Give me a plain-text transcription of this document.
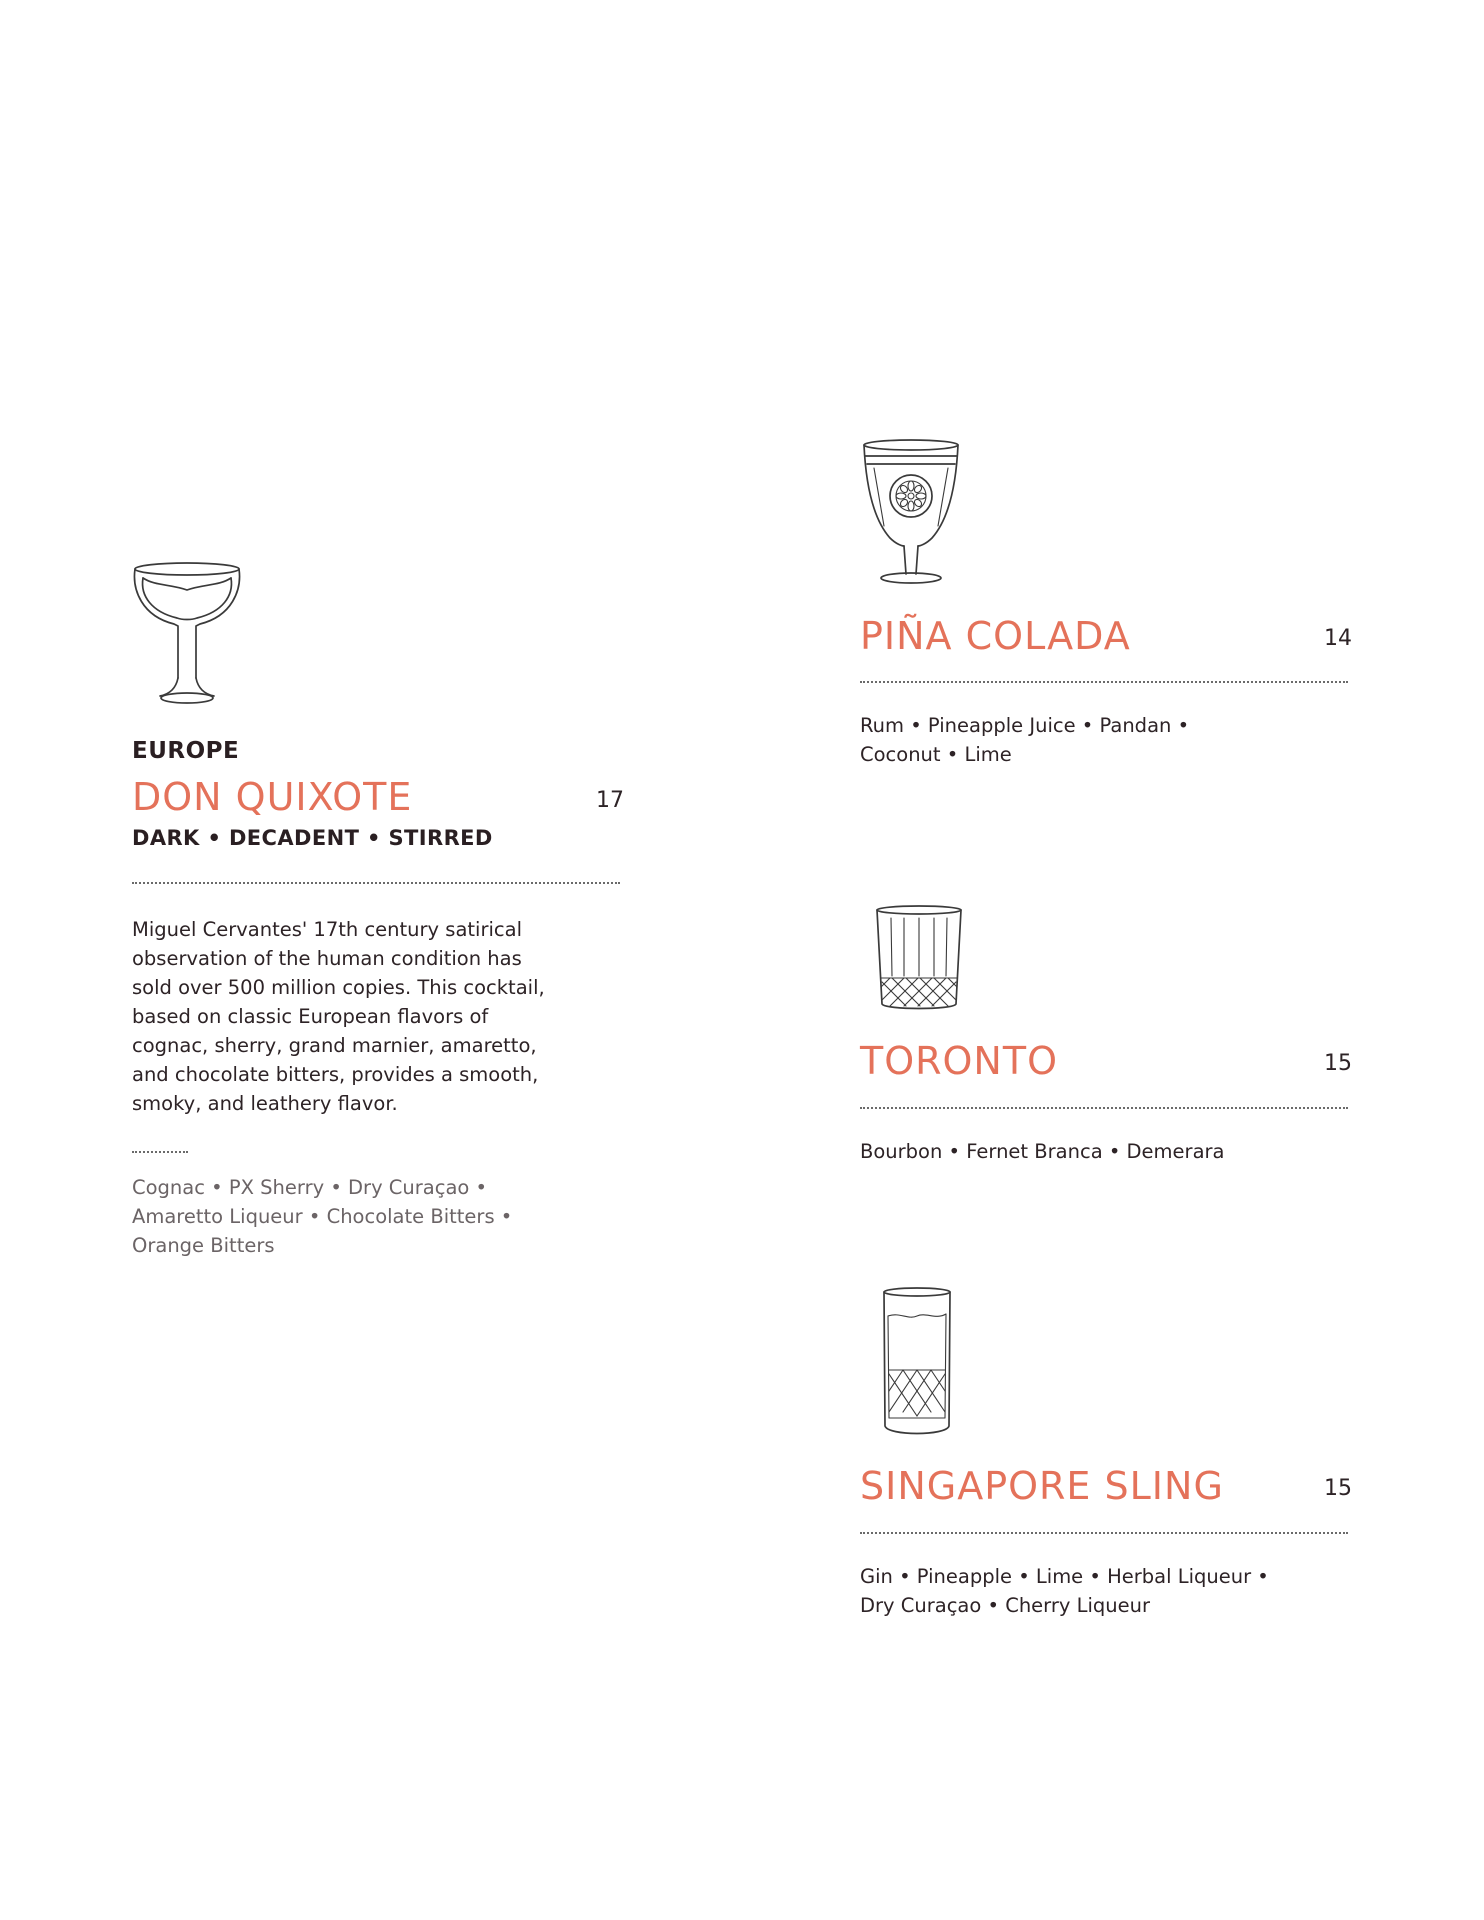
EUROPE
DON QUIXOTE	17
DARK • DECADENT • STIRRED
Miguel Cervantes' 17th century satirical
observation of the human condition has
sold over 500 million copies. This cocktail,
based on classic European flavors of
cognac, sherry, grand marnier, amaretto,
and chocolate bitters, provides a smooth,
smoky, and leathery flavor.
Cognac • PX Sherry • Dry Curaçao •
Amaretto Liqueur • Chocolate Bitters •
Orange Bitters
PIÑA COLADA	14
Rum • Pineapple Juice • Pandan •
Coconut • Lime
TORONTO	15
Bourbon • Fernet Branca • Demerara
SINGAPORE SLING	15
Gin • Pineapple • Lime • Herbal Liqueur •
Dry Curaçao • Cherry Liqueur
